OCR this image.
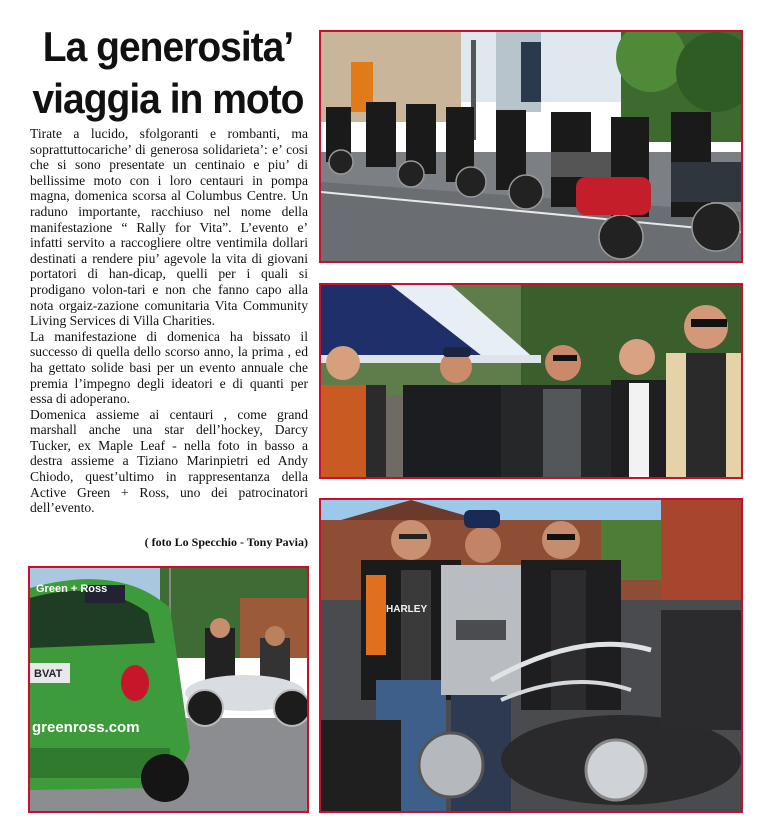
La generosita’
viaggia in moto

Tirate a lucido, sfolgoranti e rombanti, ma soprattuttocariche’ di generosa solidarieta’: e’ cosi che si sono presentate un centinaio e piu’ di bellissime moto con i loro centauri in pompa magna, domenica scorsa al Columbus Centre. Un raduno importante, racchiuso nel nome della manifestazione “ Rally for Vita”. L’evento e’ infatti servito a raccogliere oltre ventimila dollari destinati a rendere piu’ agevole la vita di giovani portatori di han-dicap, quelli per i quali si prodigano volon-tari e non che fanno capo alla nota orgaiz-zazione comunitaria Vita Community Living Services di Villa Charities.

La manifestazione di domenica ha bissato il successo di quella dello scorso anno, la prima , ed ha gettato solide basi per un evento annuale che premia l’impegno degli ideatori e di quanti per essa di adoperano.

Domenica assieme ai centauri , come grand marshall anche una star dell’hockey, Darcy Tucker, ex Maple Leaf - nella foto in basso a destra assieme a Tiziano Marinpietri ed Andy Chiodo, quest’ultimo in rappresentanza della Active Green + Ross, uno dei patrocinatori dell’evento.

( foto Lo Specchio - Tony Pavia)
Green + Ross
greenross.com
BVAT
HARLEY
